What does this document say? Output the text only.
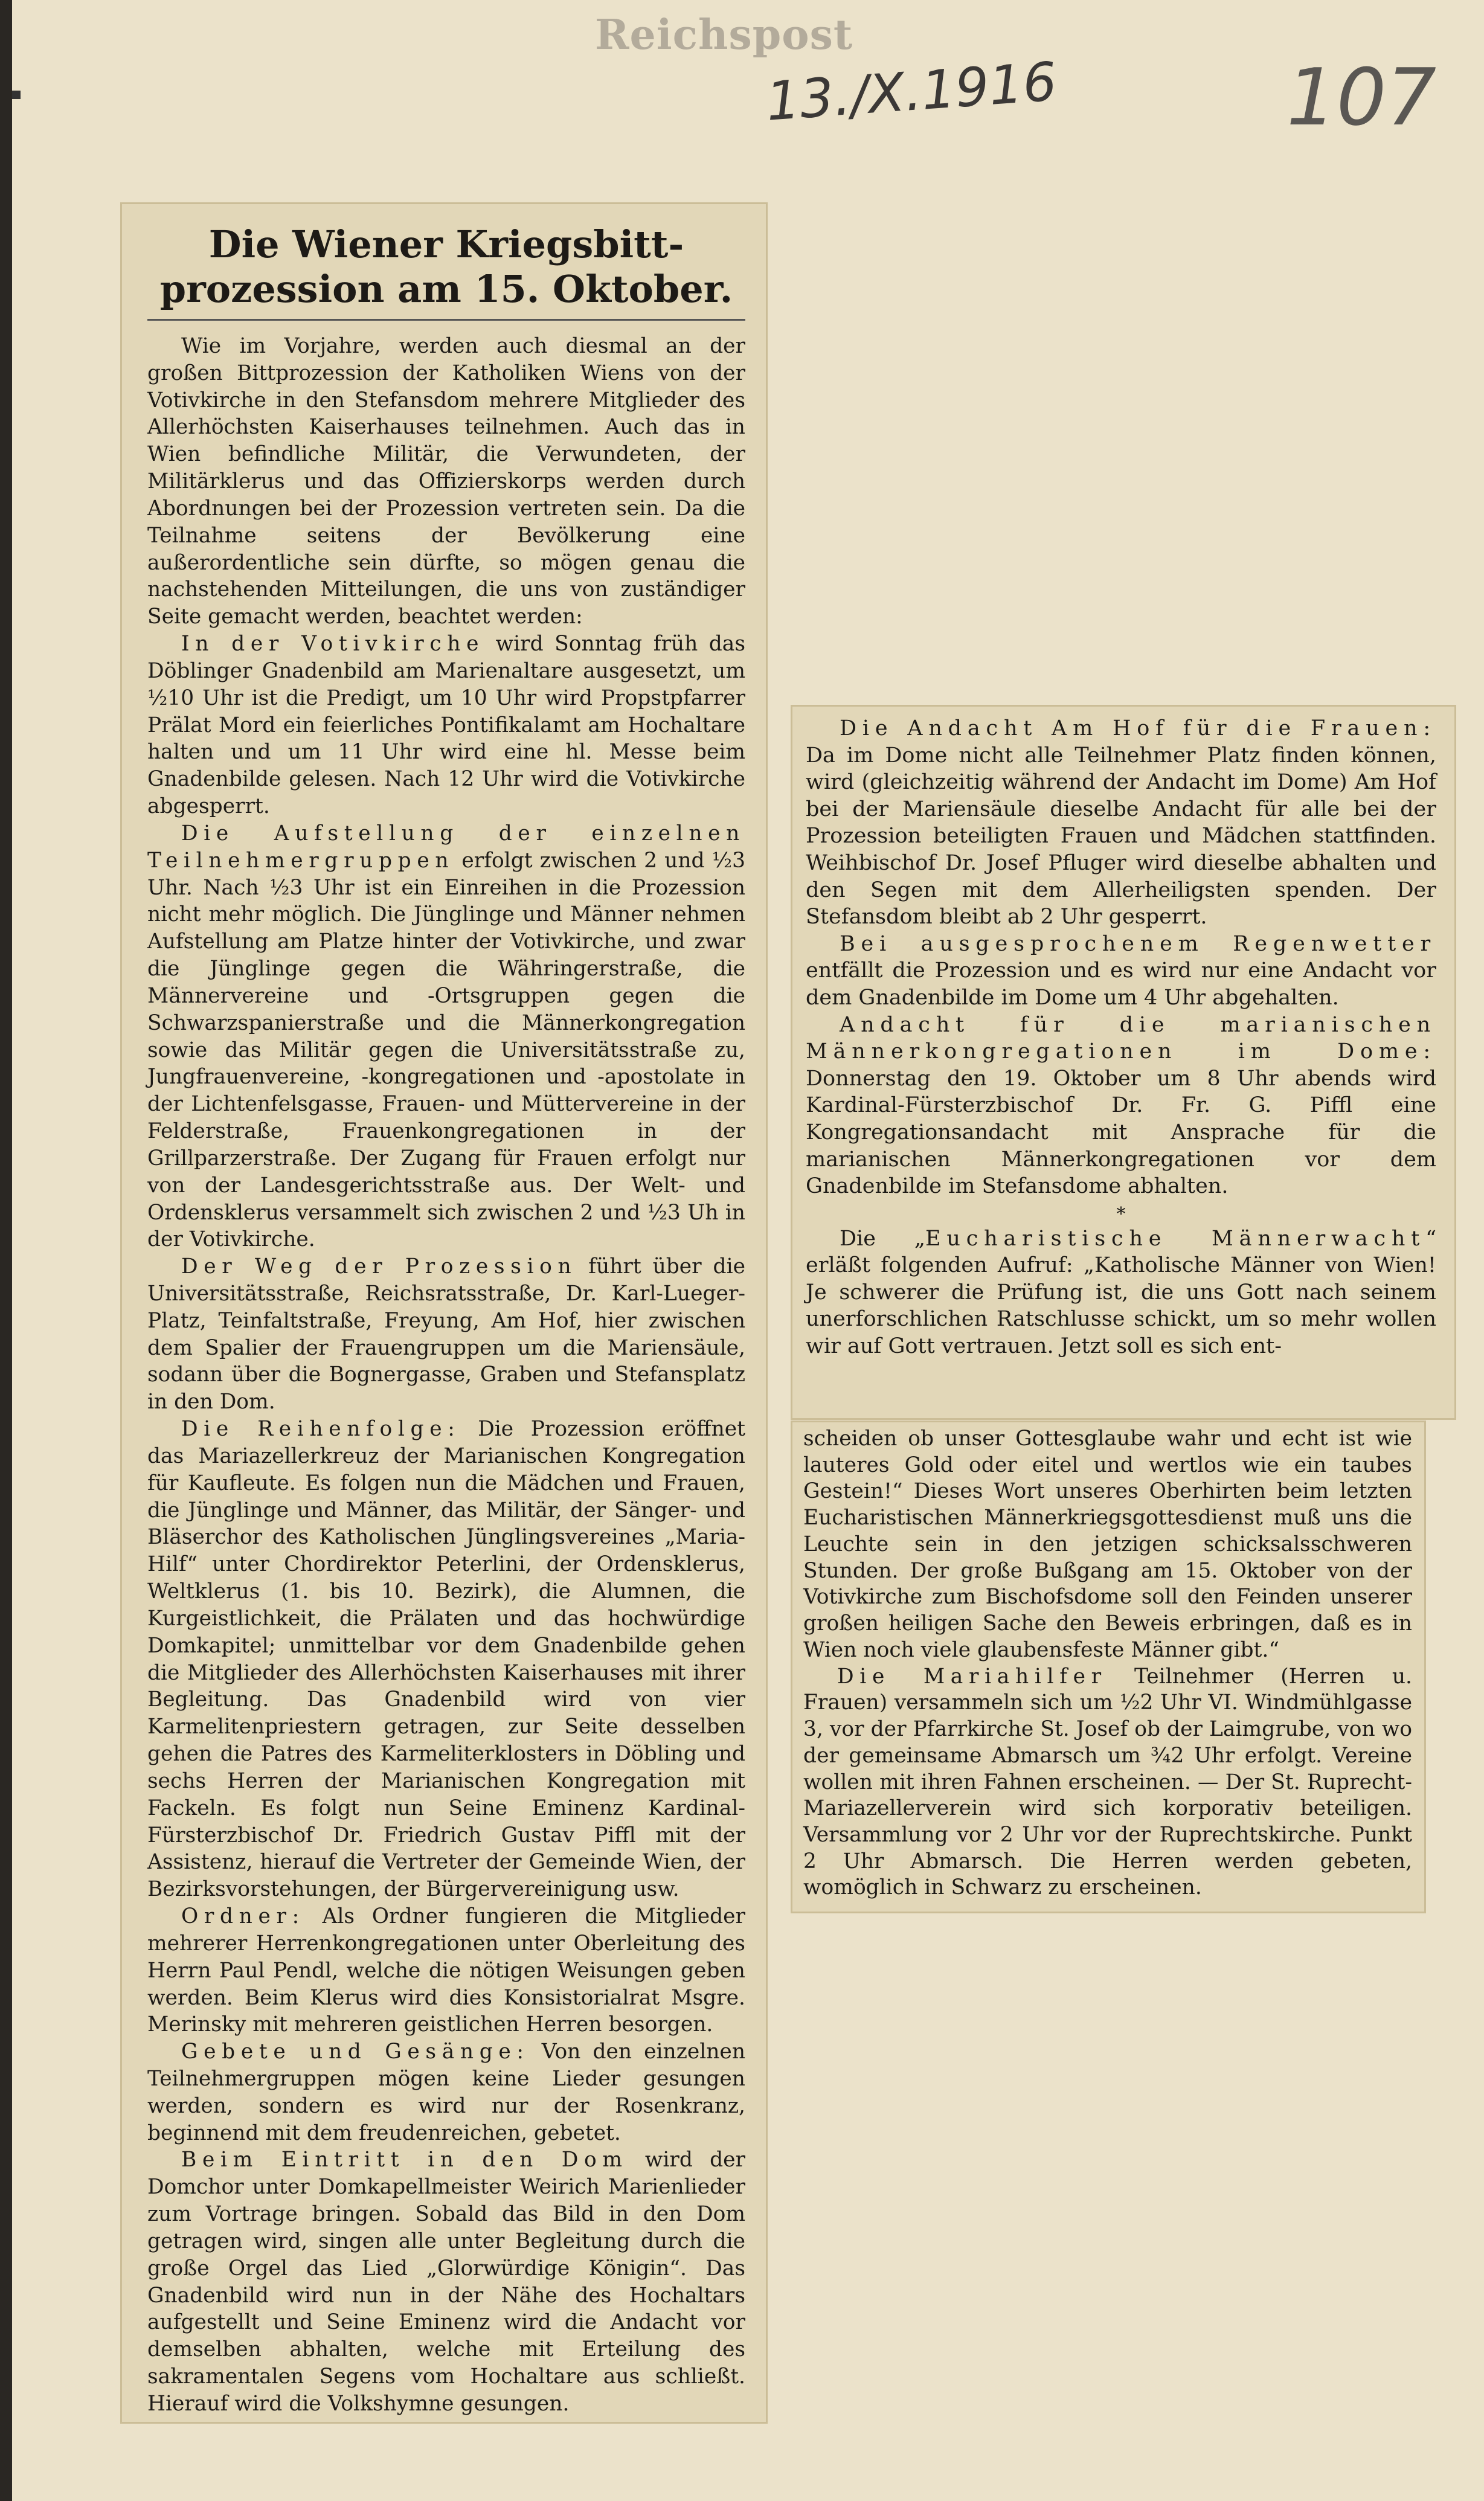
Reichspost
13./X.1916	107
Die Wiener Kriegsbitt-prozession am 15. Oktober.

Wie im Vorjahre, werden auch diesmal an der großen Bittprozession der Katholiken Wiens von der Votivkirche in den Stefansdom mehrere Mitglieder des Allerhöchsten Kaiserhauses teilnehmen. Auch das in Wien befindliche Militär, die Verwundeten, der Militärklerus und das Offizierskorps werden durch Abordnungen bei der Prozession vertreten sein. Da die Teilnahme seitens der Bevölkerung eine außerordentliche sein dürfte, so mögen genau die nachstehenden Mitteilungen, die uns von zuständiger Seite gemacht werden, beachtet werden:

In der Votivkirche wird Sonntag früh das Döblinger Gnadenbild am Marienaltare ausgesetzt, um ½10 Uhr ist die Predigt, um 10 Uhr wird Propstpfarrer Prälat Mord ein feierliches Pontifikalamt am Hochaltare halten und um 11 Uhr wird eine hl. Messe beim Gnadenbilde gelesen. Nach 12 Uhr wird die Votivkirche abgesperrt.

Die Aufstellung der einzelnen Teilnehmergruppen erfolgt zwischen 2 und ½3 Uhr. Nach ½3 Uhr ist ein Einreihen in die Prozession nicht mehr möglich. Die Jünglinge und Männer nehmen Aufstellung am Platze hinter der Votivkirche, und zwar die Jünglinge gegen die Währingerstraße, die Männervereine und -Ortsgruppen gegen die Schwarzspanierstraße und die Männerkongregation sowie das Militär gegen die Universitätsstraße zu, Jungfrauenvereine, -kongregationen und -apostolate in der Lichtenfelsgasse, Frauen- und Müttervereine in der Felderstraße, Frauenkongregationen in der Grillparzerstraße. Der Zugang für Frauen erfolgt nur von der Landesgerichtsstraße aus. Der Welt- und Ordensklerus versammelt sich zwischen 2 und ½3 Uh in der Votivkirche.

Der Weg der Prozession führt über die Universitätsstraße, Reichsratsstraße, Dr. Karl-Lueger-Platz, Teinfaltstraße, Freyung, Am Hof, hier zwischen dem Spalier der Frauengruppen um die Mariensäule, sodann über die Bognergasse, Graben und Stefansplatz in den Dom.

Die Reihenfolge: Die Prozession eröffnet das Mariazellerkreuz der Marianischen Kongregation für Kaufleute. Es folgen nun die Mädchen und Frauen, die Jünglinge und Männer, das Militär, der Sänger- und Bläserchor des Katholischen Jünglingsvereines „Maria-Hilf“ unter Chordirektor Peterlini, der Ordensklerus, Weltklerus (1. bis 10. Bezirk), die Alumnen, die Kurgeistlichkeit, die Prälaten und das hochwürdige Domkapitel; unmittelbar vor dem Gnadenbilde gehen die Mitglieder des Allerhöchsten Kaiserhauses mit ihrer Begleitung. Das Gnadenbild wird von vier Karmelitenpriestern getragen, zur Seite desselben gehen die Patres des Karmeliterklosters in Döbling und sechs Herren der Marianischen Kongregation mit Fackeln. Es folgt nun Seine Eminenz Kardinal-Fürsterzbischof Dr. Friedrich Gustav Piffl mit der Assistenz, hierauf die Vertreter der Gemeinde Wien, der Bezirksvorstehungen, der Bürgervereinigung usw.

Ordner: Als Ordner fungieren die Mitglieder mehrerer Herrenkongregationen unter Oberleitung des Herrn Paul Pendl, welche die nötigen Weisungen geben werden. Beim Klerus wird dies Konsistorialrat Msgre. Merinsky mit mehreren geistlichen Herren besorgen.

Gebete und Gesänge: Von den einzelnen Teilnehmergruppen mögen keine Lieder gesungen werden, sondern es wird nur der Rosenkranz, beginnend mit dem freudenreichen, gebetet.

Beim Eintritt in den Dom wird der Domchor unter Domkapellmeister Weirich Marienlieder zum Vortrage bringen. Sobald das Bild in den Dom getragen wird, singen alle unter Begleitung durch die große Orgel das Lied „Glorwürdige Königin“. Das Gnadenbild wird nun in der Nähe des Hochaltars aufgestellt und Seine Eminenz wird die Andacht vor demselben abhalten, welche mit Erteilung des sakramentalen Segens vom Hochaltare aus schließt. Hierauf wird die Volkshymne gesungen.

Die Andacht Am Hof für die Frauen: Da im Dome nicht alle Teilnehmer Platz finden können, wird (gleichzeitig während der Andacht im Dome) Am Hof bei der Mariensäule dieselbe Andacht für alle bei der Prozession beteiligten Frauen und Mädchen stattfinden. Weihbischof Dr. Josef Pfluger wird dieselbe abhalten und den Segen mit dem Allerheiligsten spenden. Der Stefansdom bleibt ab 2 Uhr gesperrt.

Bei ausgesprochenem Regenwetter entfällt die Prozession und es wird nur eine Andacht vor dem Gnadenbilde im Dome um 4 Uhr abgehalten.

Andacht für die marianischen Männerkongregationen im Dome: Donnerstag den 19. Oktober um 8 Uhr abends wird Kardinal-Fürsterzbischof Dr. Fr. G. Piffl eine Kongregationsandacht mit Ansprache für die marianischen Männerkongregationen vor dem Gnadenbilde im Stefansdome abhalten.

*

Die „Eucharistische Männerwacht“ erläßt folgenden Aufruf: „Katholische Männer von Wien! Je schwerer die Prüfung ist, die uns Gott nach seinem unerforschlichen Ratschlusse schickt, um so mehr wollen wir auf Gott vertrauen. Jetzt soll es sich ent-

scheiden ob unser Gottesglaube wahr und echt ist wie lauteres Gold oder eitel und wertlos wie ein taubes Gestein!“ Dieses Wort unseres Oberhirten beim letzten Eucharistischen Männerkriegsgottesdienst muß uns die Leuchte sein in den jetzigen schicksalsschweren Stunden. Der große Bußgang am 15. Oktober von der Votivkirche zum Bischofsdome soll den Feinden unserer großen heiligen Sache den Beweis erbringen, daß es in Wien noch viele glaubensfeste Männer gibt.“

Die Mariahilfer Teilnehmer (Herren u. Frauen) versammeln sich um ½2 Uhr VI. Windmühlgasse 3, vor der Pfarrkirche St. Josef ob der Laimgrube, von wo der gemeinsame Abmarsch um ¾2 Uhr erfolgt. Vereine wollen mit ihren Fahnen erscheinen. — Der St. Ruprecht-Mariazellerverein wird sich korporativ beteiligen. Versammlung vor 2 Uhr vor der Ruprechtskirche. Punkt 2 Uhr Abmarsch. Die Herren werden gebeten, womöglich in Schwarz zu erscheinen.
